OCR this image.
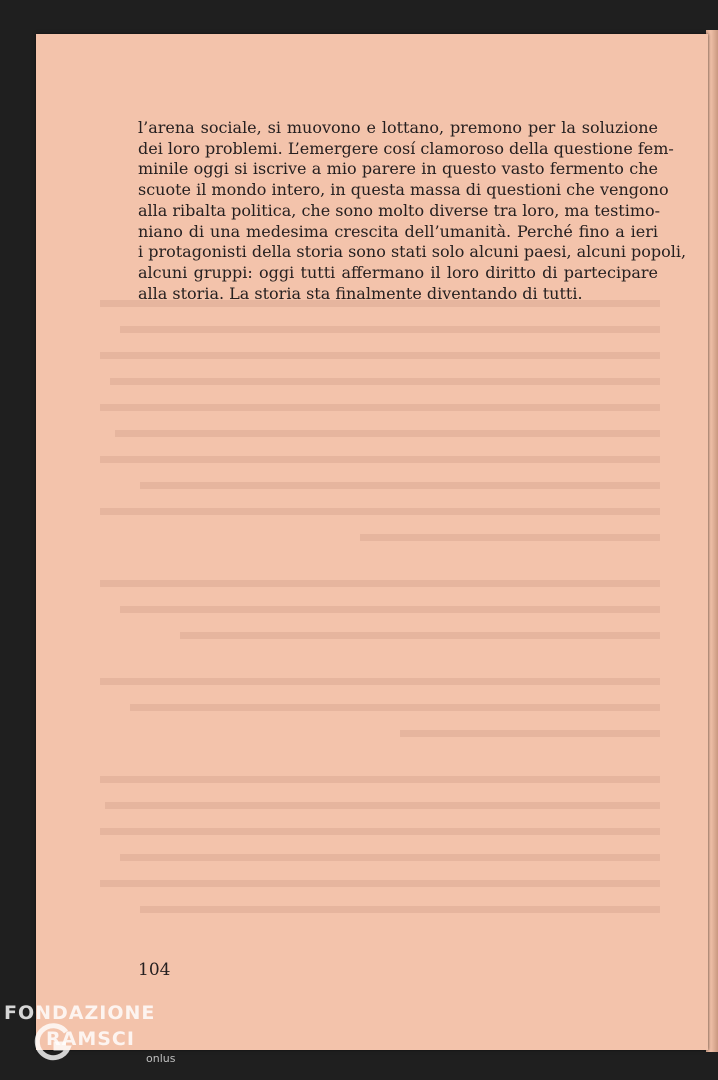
l’arena sociale, si muovono e lottano, premono per la soluzione
dei loro problemi. L’emergere cosí clamoroso della questione fem-
minile oggi si iscrive a mio parere in questo vasto fermento che
scuote il mondo intero, in questa massa di questioni che vengono
alla ribalta politica, che sono molto diverse tra loro, ma testimo-
niano di una medesima crescita dell’umanità. Perché fino a ieri
i protagonisti della storia sono stati solo alcuni paesi, alcuni popoli,
alcuni gruppi: oggi tutti affermano il loro diritto di partecipare
alla storia. La storia sta finalmente diventando di tutti.
104
FONDAZIONE
RAMSCI
onlus
